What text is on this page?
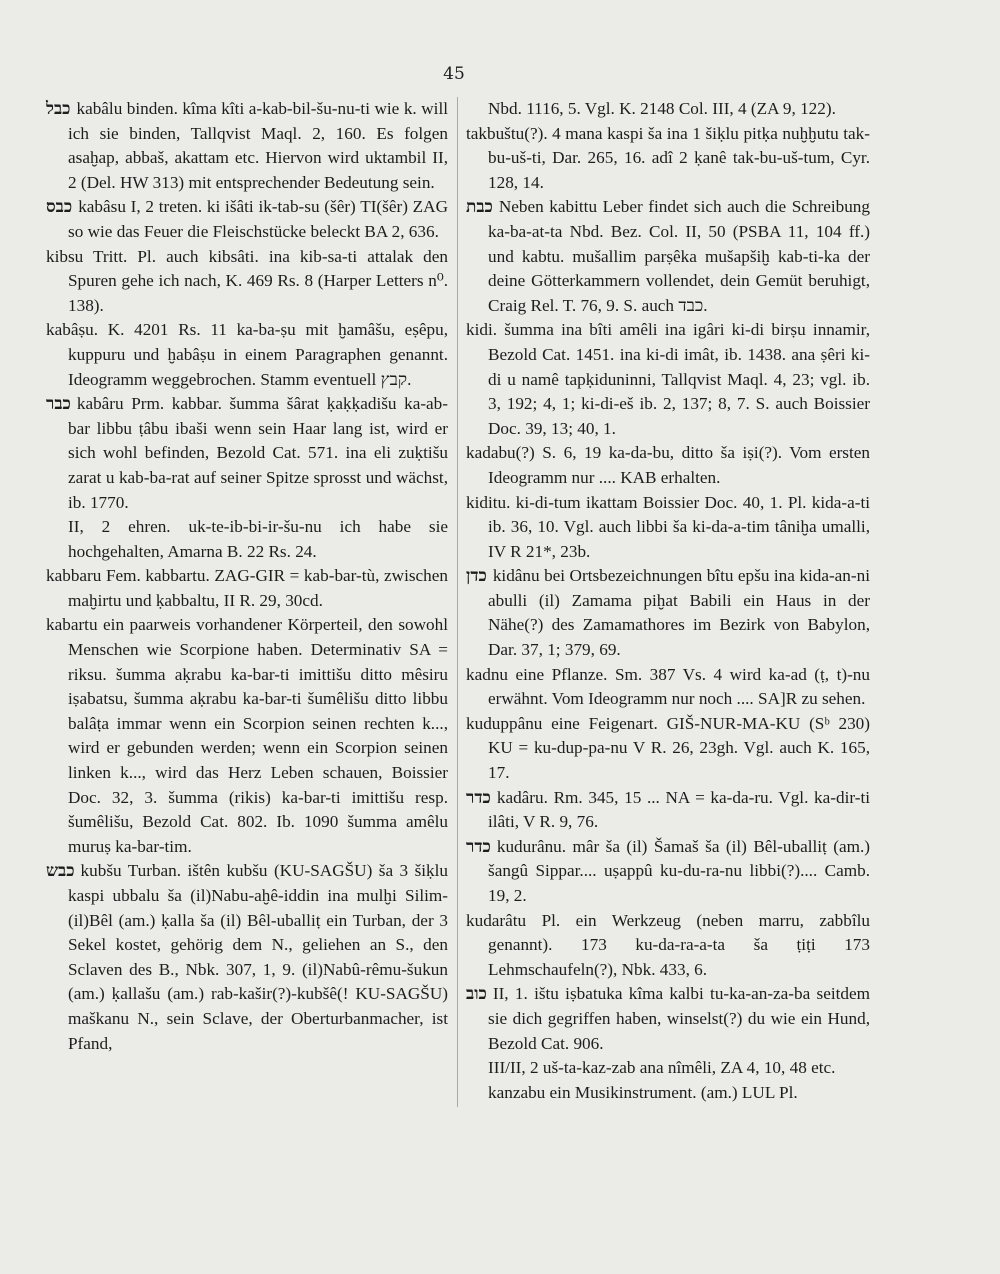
45

כבל kabâlu binden. kîma kîti a-kab-bil-šu-nu-ti wie k. will ich sie binden, Tallqvist Maql. 2, 160. Es folgen asaḫap, abbaš, akattam etc. Hiervon wird uktambil II, 2 (Del. HW 313) mit entsprechender Bedeutung sein.

כבס kabâsu I, 2 treten. ki išâti ik-tab-su (šêr) TI(šêr) ZAG so wie das Feuer die Fleischstücke beleckt BA 2, 636.

kibsu Tritt. Pl. auch kibsâti. ina kib-sa-ti attalak den Spuren gehe ich nach, K. 469 Rs. 8 (Harper Letters n⁰. 138).

kabâṣu. K. 4201 Rs. 11 ka-ba-ṣu mit ḫamâšu, eṣêpu, kuppuru und ḫabâṣu in einem Paragraphen genannt. Ideogramm weggebrochen. Stamm eventuell קבץ.

כבר kabâru Prm. kabbar. šumma šârat ḳaḳḳadišu ka-ab-bar libbu ṭâbu ibaši wenn sein Haar lang ist, wird er sich wohl befinden, Bezold Cat. 571. ina eli zuḳtišu zarat u kab-ba-rat auf seiner Spitze sprosst und wächst, ib. 1770.

II, 2 ehren. uk-te-ib-bi-ir-šu-nu ich habe sie hochgehalten, Amarna B. 22 Rs. 24.

kabbaru Fem. kabbartu. ZAG-GIR = kab-bar-tù, zwischen maḫirtu und ḳabbaltu, II R. 29, 30cd.

kabartu ein paarweis vorhandener Körperteil, den sowohl Menschen wie Scorpione haben. Determinativ SA = riksu. šumma aḳrabu ka-bar-ti imittišu ditto mêsiru iṣabatsu, šumma aḳrabu ka-bar-ti šumêlišu ditto libbu balâṭa immar wenn ein Scorpion seinen rechten k..., wird er gebunden werden; wenn ein Scorpion seinen linken k..., wird das Herz Leben schauen, Boissier Doc. 32, 3. šumma (rikis) ka-bar-ti imittišu resp. šumêlišu, Bezold Cat. 802. Ib. 1090 šumma amêlu muruṣ ka-bar-tim.

כבש kubšu Turban. ištên kubšu (KU-SAGŠU) ša 3 šiḳlu kaspi ubbalu ša (il)Nabu-aḫê-iddin ina mulḫi Silim-(il)Bêl (am.) ḳalla ša (il) Bêl-uballiṭ ein Turban, der 3 Sekel kostet, gehörig dem N., geliehen an S., den Sclaven des B., Nbk. 307, 1, 9. (il)Nabû-rêmu-šukun (am.) ḳallašu (am.) rab-kašir(?)-kubšê(! KU-SAGŠU) maškanu N., sein Sclave, der Oberturbanmacher, ist Pfand,

Nbd. 1116, 5. Vgl. K. 2148 Col. III, 4 (ZA 9, 122).

takbuštu(?). 4 mana kaspi ša ina 1 šiḳlu pitḳa nuḫḫutu tak-bu-uš-ti, Dar. 265, 16. adî 2 ḳanê tak-bu-uš-tum, Cyr. 128, 14.

כבת Neben kabittu Leber findet sich auch die Schreibung ka-ba-at-ta Nbd. Bez. Col. II, 50 (PSBA 11, 104 ff.) und kabtu. mušallim parṣêka mušapšiḫ kab-ti-ka der deine Götterkammern vollendet, dein Gemüt beruhigt, Craig Rel. T. 76, 9. S. auch כבד.

kidi. šumma ina bîti amêli ina igâri ki-di birṣu innamir, Bezold Cat. 1451. ina ki-di imât, ib. 1438. ana ṣêri ki-di u namê tapḳiduninni, Tallqvist Maql. 4, 23; vgl. ib. 3, 192; 4, 1; ki-di-eš ib. 2, 137; 8, 7. S. auch Boissier Doc. 39, 13; 40, 1.

kadabu(?) S. 6, 19 ka-da-bu, ditto ša iṣi(?). Vom ersten Ideogramm nur .... KAB erhalten.

kiditu. ki-di-tum ikattam Boissier Doc. 40, 1. Pl. kida-a-ti ib. 36, 10. Vgl. auch libbi ša ki-da-a-tim tâniḫa umalli, IV R 21*, 23b.

כדן kidânu bei Ortsbezeichnungen bîtu epšu ina kida-an-ni abulli (il) Zamama piḫat Babili ein Haus in der Nähe(?) des Zamamathores im Bezirk von Babylon, Dar. 37, 1; 379, 69.

kadnu eine Pflanze. Sm. 387 Vs. 4 wird ka-ad (ṭ, t)-nu erwähnt. Vom Ideogramm nur noch .... SA]R zu sehen.

kuduppânu eine Feigenart. GIŠ-NUR-MA-KU (Sᵇ 230) KU = ku-dup-pa-nu V R. 26, 23gh. Vgl. auch K. 165, 17.

כדר kadâru. Rm. 345, 15 ... NA = ka-da-ru. Vgl. ka-dir-ti ilâti, V R. 9, 76.

כדר kudurânu. mâr ša (il) Šamaš ša (il) Bêl-uballiṭ (am.) šangû Sippar.... uṣappû ku-du-ra-nu libbi(?).... Camb. 19, 2.

kudarâtu Pl. ein Werkzeug (neben marru, zabbîlu genannt). 173 ku-da-ra-a-ta ša ṭiṭi 173 Lehmschaufeln(?), Nbk. 433, 6.

כוב II, 1. ištu iṣbatuka kîma kalbi tu-ka-an-za-ba seitdem sie dich gegriffen haben, winselst(?) du wie ein Hund, Bezold Cat. 906.

III/II, 2 uš-ta-kaz-zab ana nîmêli, ZA 4, 10, 48 etc.

kanzabu ein Musikinstrument. (am.) LUL Pl.
